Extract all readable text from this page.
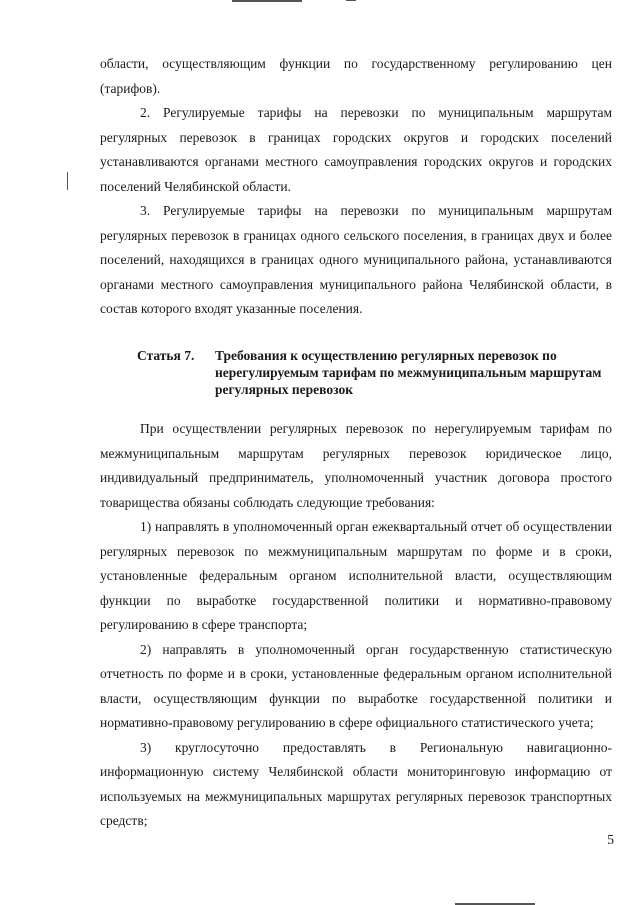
области, осуществляющим функции по государственному регулированию цен (тарифов).

2. Регулируемые тарифы на перевозки по муниципальным маршрутам регулярных перевозок в границах городских округов и городских поселений устанавливаются органами местного самоуправления городских округов и городских поселений Челябинской области.

3. Регулируемые тарифы на перевозки по муниципальным маршрутам регулярных перевозок в границах одного сельского поселения, в границах двух и более поселений, находящихся в границах одного муниципального района, устанавливаются органами местного самоуправления муниципального района Челябинской области, в состав которого входят указанные поселения.

Статья 7. Требования к осуществлению регулярных перевозок по нерегулируемым тарифам по межмуниципальным маршрутам регулярных перевозок

При осуществлении регулярных перевозок по нерегулируемым тарифам по межмуниципальным маршрутам регулярных перевозок юридическое лицо, индивидуальный предприниматель, уполномоченный участник договора простого товарищества обязаны соблюдать следующие требования:

1) направлять в уполномоченный орган ежеквартальный отчет об осуществлении регулярных перевозок по межмуниципальным маршрутам по форме и в сроки, установленные федеральным органом исполнительной власти, осуществляющим функции по выработке государственной политики и нормативно-правовому регулированию в сфере транспорта;

2) направлять в уполномоченный орган государственную статистическую отчетность по форме и в сроки, установленные федеральным органом исполнительной власти, осуществляющим функции по выработке государственной политики и нормативно-правовому регулированию в сфере официального статистического учета;

3) круглосуточно предоставлять в Региональную навигационно-информационную систему Челябинской области мониторинговую информацию от используемых на межмуниципальных маршрутах регулярных перевозок транспортных средств;

5
